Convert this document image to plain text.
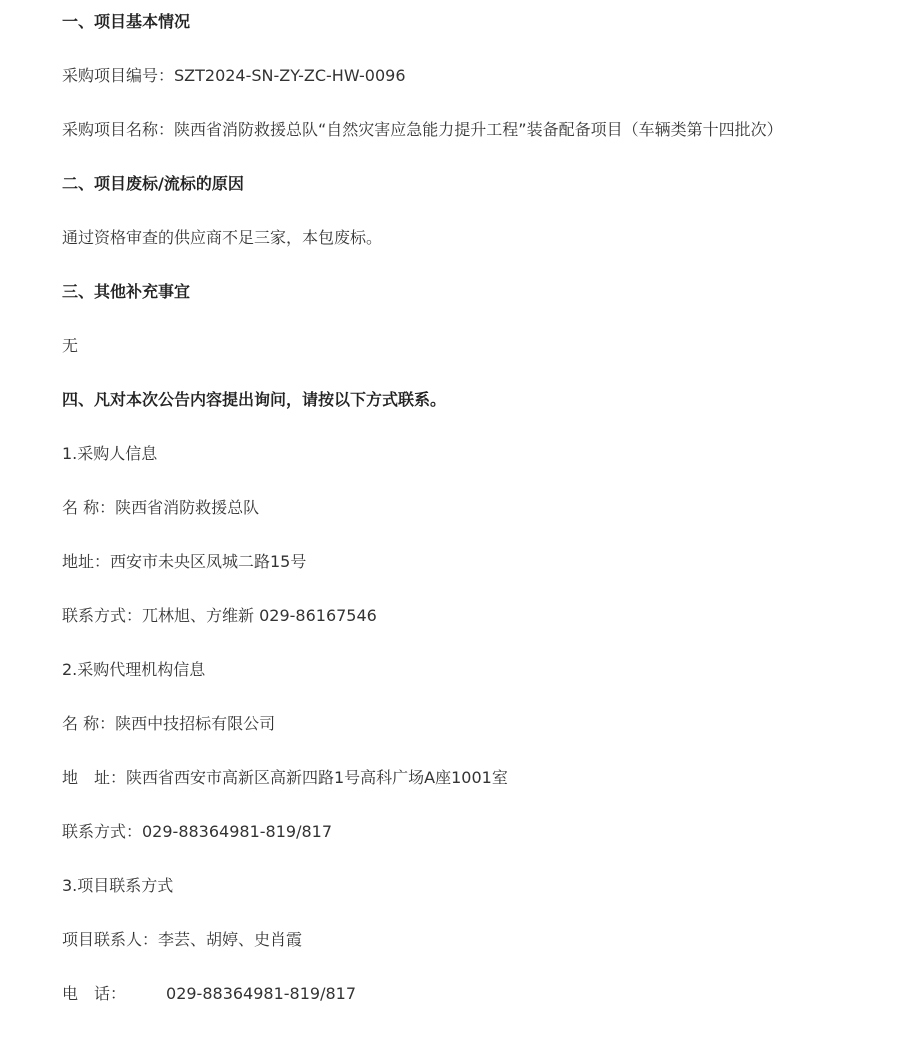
一、项目基本情况
采购项目编号：SZT2024-SN-ZY-ZC-HW-0096
采购项目名称：陕西省消防救援总队“自然灾害应急能力提升工程”装备配备项目（车辆类第十四批次）
二、项目废标/流标的原因
通过资格审查的供应商不足三家，本包废标。
三、其他补充事宜
无
四、凡对本次公告内容提出询问，请按以下方式联系。
1.采购人信息
名 称：陕西省消防救援总队
地址：西安市未央区凤城二路15号
联系方式：兀林旭、方维新 029-86167546
2.采购代理机构信息
名 称：陕西中技招标有限公司
地　址：陕西省西安市高新区高新四路1号高科广场A座1001室
联系方式：029-88364981-819/817
3.项目联系方式
项目联系人：李芸、胡婷、史肖霞
电　话：	029-88364981-819/817
